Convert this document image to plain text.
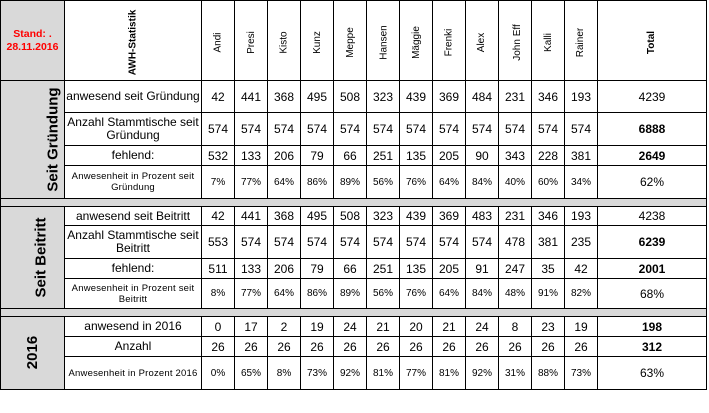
Stand: .
28.11.2016	AWH-Statistik	Andi	Presi	Kisto	Kunz	Meppe	Hansen	Mäggie	Frenki	Alex	John Eff	Kalli	Rainer	Total
Seit Gründung	anwesend seit Gründung	42	441	368	495	508	323	439	369	484	231	346	193	4239
	Anzahl Stammtische seit Gründung	574	574	574	574	574	574	574	574	574	574	574	574	6888
	fehlend:	532	133	206	79	66	251	135	205	90	343	228	381	2649
	Anwesenheit in Prozent seit Gründung	7%	77%	64%	86%	89%	56%	76%	64%	84%	40%	60%	34%	62%

Seit Beitritt	anwesend seit Beitritt	42	441	368	495	508	323	439	369	483	231	346	193	4238
	Anzahl Stammtische seit Beitritt	553	574	574	574	574	574	574	574	574	478	381	235	6239
	fehlend:	511	133	206	79	66	251	135	205	91	247	35	42	2001
	Anwesenheit in Prozent seit Beitritt	8%	77%	64%	86%	89%	56%	76%	64%	84%	48%	91%	82%	68%

2016	anwesend in 2016	0	17	2	19	24	21	20	21	24	8	23	19	198
	Anzahl	26	26	26	26	26	26	26	26	26	26	26	26	312
	Anwesenheit in Prozent 2016	0%	65%	8%	73%	92%	81%	77%	81%	92%	31%	88%	73%	63%
